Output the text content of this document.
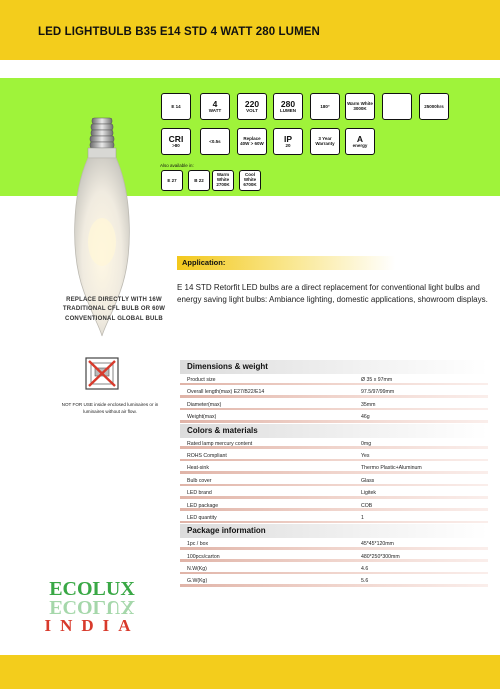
LED LIGHTBULB B35 E14 STD 4 WATT 280 LUMEN
E 14	4
WATT
220
VOLT
280
LUMEN
180°
Warm White
3000K	25000hrs
CRI
>80
<0.5s
Replace
40W > 60W IP
20
3 Year
Warranty	A
energy
Also available in:
E 27	B 22
Warm White
2700K
Cool White
6700K
Application:
E 14 STD Retorfit LED bulbs are a direct replacement for conventional light bulbs and energy saving light bulbs: Ambiance lighting, domestic applications, showroom displays.
REPLACE DIRECTLY WITH 16W TRADITIONAL CFL BULB OR 60W CONVENTIONAL GLOBAL BULB
NOT FOR USE inside enclosed luminaires or in luminaires without air flow.
ECOLUX
ECOLUX
INDIA
Dimensions & weight
Product size	Ø 35 x 97mm
Overall length(max) E27/B22/E14	97.5/97/99mm
Diameter(max)	35mm
Weight(max)	46g
Colors & materials
Rated lamp mercury content	0mg
ROHS Compliant	Yes
Heat-sink	Thermo Plastic+Aluminum
Bulb cover	Glass
LED brand	Ligitek
LED package	COB
LED quantity	1
Package information
1pc / box	45*45*120mm
100pcs/carton	480*250*300mm
N.W(Kg)	4.6
G.W(Kg)	5.6
